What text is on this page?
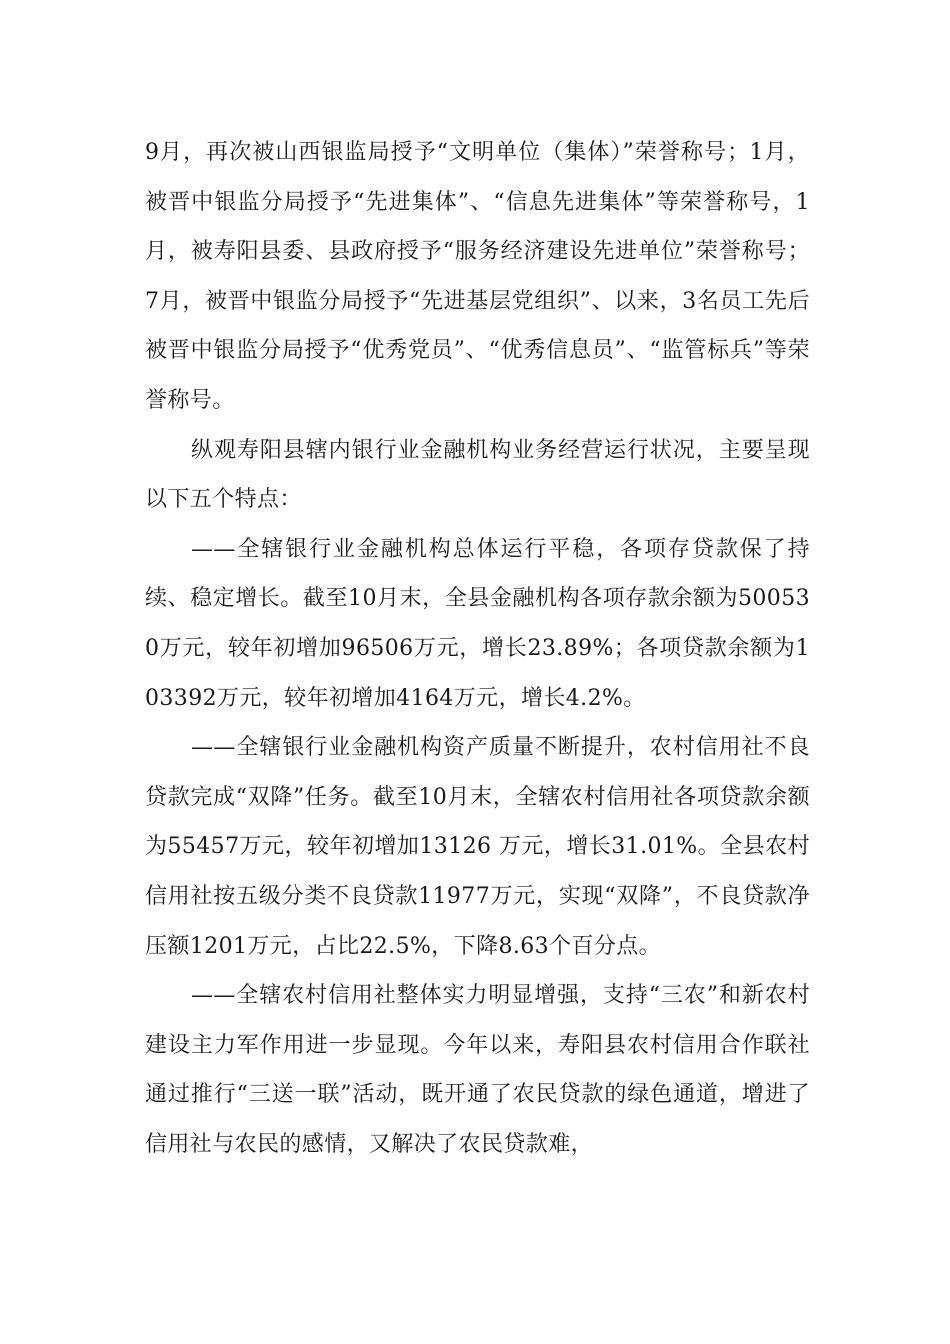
9月，再次被山西银监局授予“文明单位（集体）”荣誉称号；1月，被晋中银监分局授予“先进集体”、“信息先进集体”等荣誉称号，1月，被寿阳县委、县政府授予“服务经济建设先进单位”荣誉称号； 7月，被晋中银监分局授予“先进基层党组织”、以来，3名员工先后被晋中银监分局授予“优秀党员”、“优秀信息员”、“监管标兵”等荣誉称号。

纵观寿阳县辖内银行业金融机构业务经营运行状况，主要呈现以下五个特点：

——全辖银行业金融机构总体运行平稳，各项存贷款保了持续、稳定增长。截至10月末，全县金融机构各项存款余额为500530万元，较年初增加96506万元，增长23.89%；各项贷款余额为103392万元，较年初增加4164万元，增长4.2%。

——全辖银行业金融机构资产质量不断提升，农村信用社不良贷款完成“双降”任务。截至10月末，全辖农村信用社各项贷款余额为55457万元，较年初增加13126 万元，增长31.01%。全县农村信用社按五级分类不良贷款11977万元，实现“双降”，不良贷款净压额1201万元，占比22.5%，下降8.63个百分点。

——全辖农村信用社整体实力明显增强，支持“三农”和新农村建设主力军作用进一步显现。今年以来，寿阳县农村信用合作联社通过推行“三送一联”活动，既开通了农民贷款的绿色通道，增进了信用社与农民的感情，又解决了农民贷款难，
